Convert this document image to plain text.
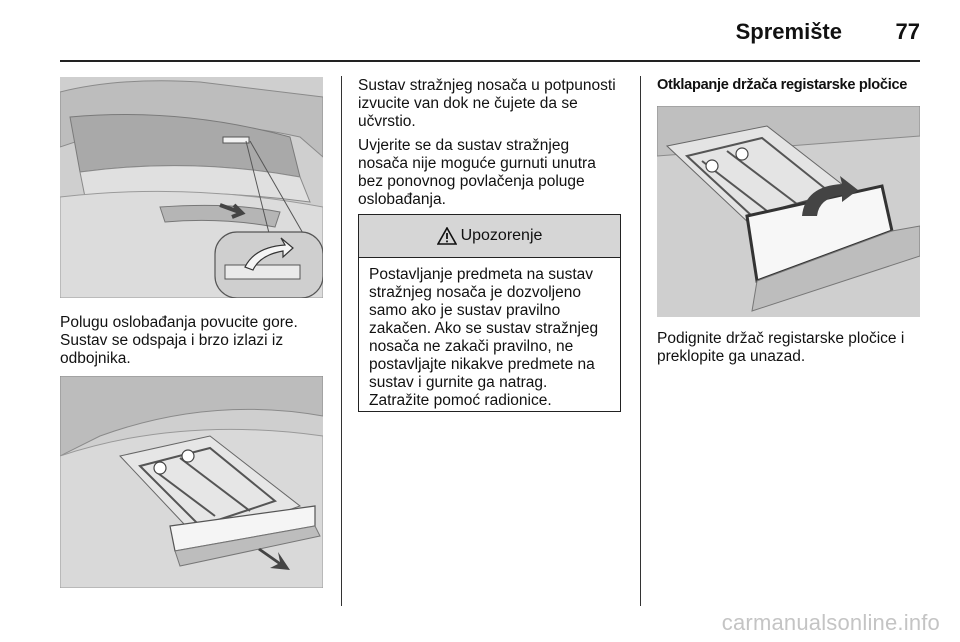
Spremište 77
Polugu oslobađanja povucite gore.
Sustav se odspaja i brzo izlazi iz
odbojnika.
Sustav stražnjeg nosača u potpunosti
izvucite van dok ne čujete da se
učvrstio.
Uvjerite se da sustav stražnjeg
nosača nije moguće gurnuti unutra
bez ponovnog povlačenja poluge
oslobađanja.
Upozorenje
Postavljanje predmeta na sustav
stražnjeg nosača je dozvoljeno
samo ako je sustav pravilno
zakačen. Ako se sustav stražnjeg
nosača ne zakači pravilno, ne
postavljajte nikakve predmete na
sustav i gurnite ga natrag.
Zatražite pomoć radionice.
Otklapanje držača registarske pločice
Podignite držač registarske pločice i
preklopite ga unazad.
carmanualsonline.info
